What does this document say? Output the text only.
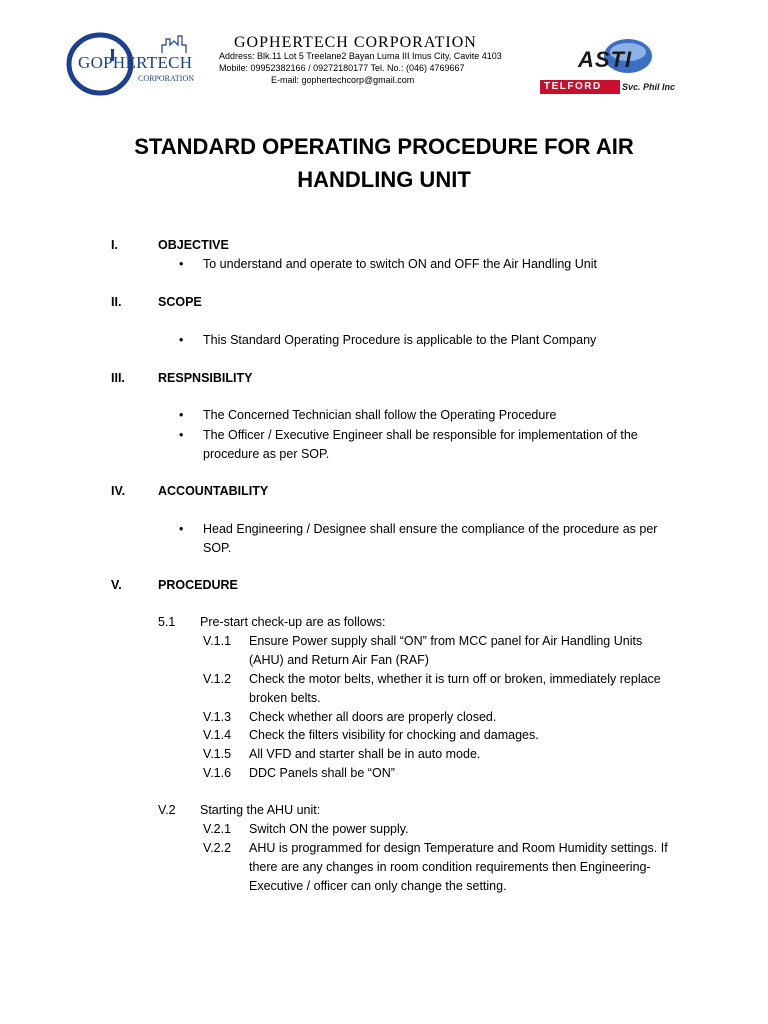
GOPHERTECH
CORPORATION
GOPHERTECH CORPORATION
Address: Blk.11 Lot 5 Treelane2 Bayan Luma III Imus City, Cavite 4103
Mobile: 09952382166 / 09272180177 Tel. No.: (046) 4769667
E-mail: gophertechcorp@gmail.com
ASTI
TELFORD Svc. Phil Inc
STANDARD OPERATING PROCEDURE FOR AIR
HANDLING UNIT
I.	OBJECTIVE
• To understand and operate to switch ON and OFF the Air Handling Unit
II.	SCOPE
• This Standard Operating Procedure is applicable to the Plant Company
III.	RESPNSIBILITY
• The Concerned Technician shall follow the Operating Procedure
• The Officer / Executive Engineer shall be responsible for implementation of the
procedure as per SOP.
IV.	ACCOUNTABILITY
• Head Engineering / Designee shall ensure the compliance of the procedure as per
SOP.
V.	PROCEDURE
5.1 Pre-start check-up are as follows:
V.1.1 Ensure Power supply shall “ON” from MCC panel for Air Handling Units
(AHU) and Return Air Fan (RAF)
V.1.2 Check the motor belts, whether it is turn off or broken, immediately replace
broken belts.
V.1.3 Check whether all doors are properly closed.
V.1.4 Check the filters visibility for chocking and damages.
V.1.5 All VFD and starter shall be in auto mode.
V.1.6 DDC Panels shall be “ON”
V.2 Starting the AHU unit:
V.2.1 Switch ON the power supply.
V.2.2 AHU is programmed for design Temperature and Room Humidity settings. If
there are any changes in room condition requirements then Engineering-
Executive / officer can only change the setting.
